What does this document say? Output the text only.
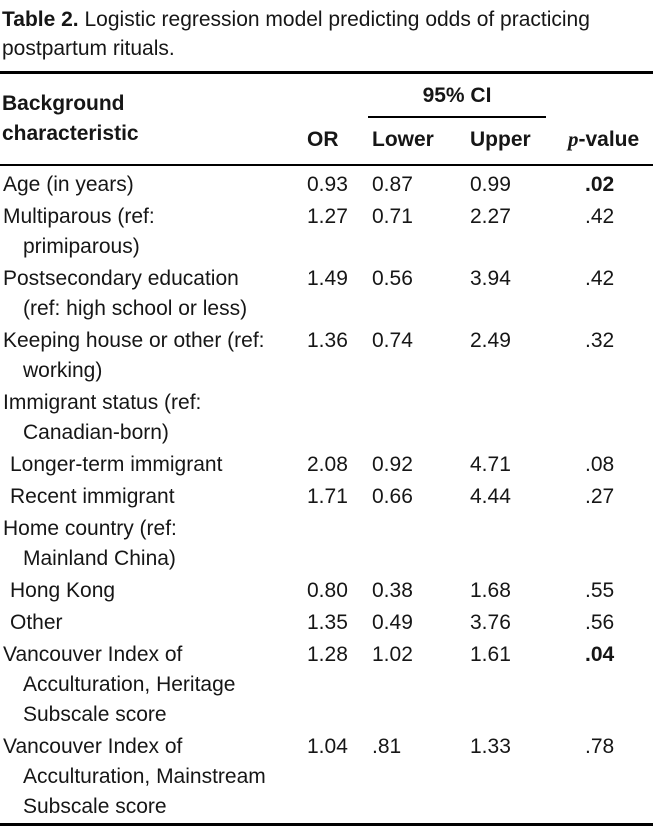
Table 2. Logistic regression model predicting odds of practicing postpartum rituals.
Background characteristic	OR	95% CI		p-value
		Lower	Upper	

Age (in years)	0.93	0.87	0.99	.02

Multiparous (ref:
primiparous)	1.27	0.71	2.27	.42

Postsecondary education
(ref: high school or less)	1.49	0.56	3.94	.42

Keeping house or other (ref:
working)	1.36	0.74	2.49	.32

Immigrant status (ref:
Canadian-born)				

Longer-term immigrant	2.08	0.92	4.71	.08

Recent immigrant	1.71	0.66	4.44	.27

Home country (ref:
Mainland China)				

Hong Kong	0.80	0.38	1.68	.55

Other	1.35	0.49	3.76	.56

Vancouver Index of
Acculturation, Heritage
Subscale score	1.28	1.02	1.61	.04

Vancouver Index of
Acculturation, Mainstream
Subscale score	1.04	.81	1.33	.78
